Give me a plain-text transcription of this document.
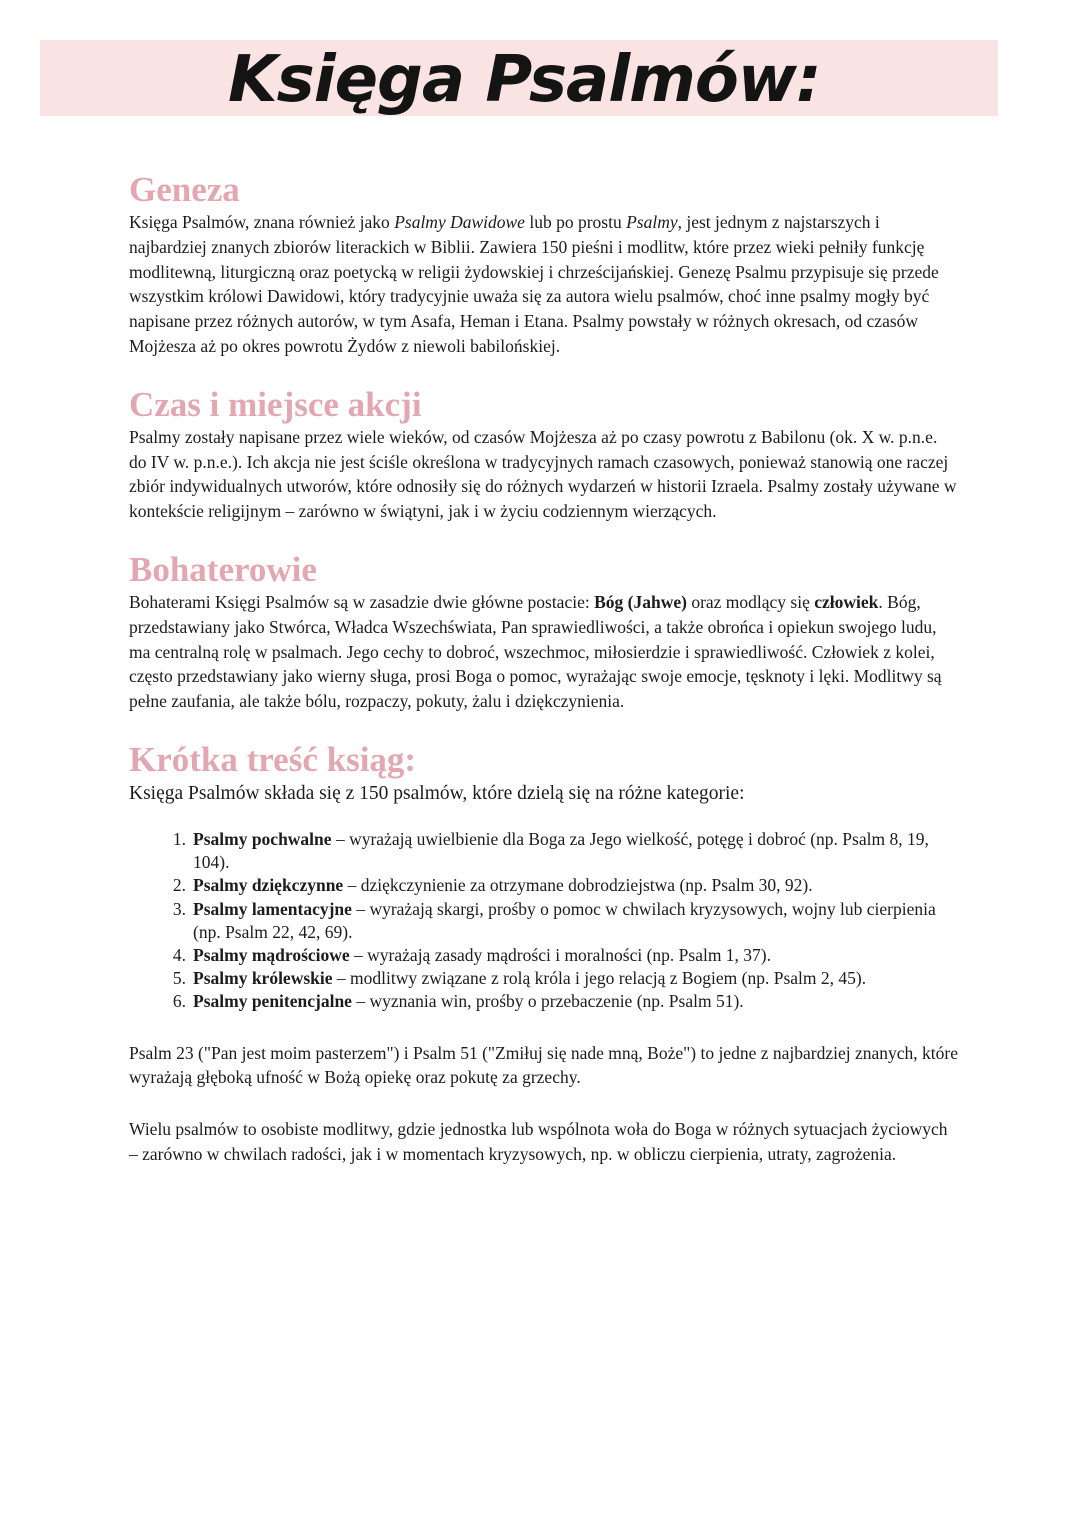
Księga Psalmów:
Geneza

Księga Psalmów, znana również jako Psalmy Dawidowe lub po prostu Psalmy, jest jednym z najstarszych i najbardziej znanych zbiorów literackich w Biblii. Zawiera 150 pieśni i modlitw, które przez wieki pełniły funkcję modlitewną, liturgiczną oraz poetycką w religii żydowskiej i chrześcijańskiej. Genezę Psalmu przypisuje się przede wszystkim królowi Dawidowi, który tradycyjnie uważa się za autora wielu psalmów, choć inne psalmy mogły być napisane przez różnych autorów, w tym Asafa, Heman i Etana. Psalmy powstały w różnych okresach, od czasów Mojżesza aż po okres powrotu Żydów z niewoli babilońskiej.

Czas i miejsce akcji

Psalmy zostały napisane przez wiele wieków, od czasów Mojżesza aż po czasy powrotu z Babilonu (ok. X w. p.n.e. do IV w. p.n.e.). Ich akcja nie jest ściśle określona w tradycyjnych ramach czasowych, ponieważ stanowią one raczej zbiór indywidualnych utworów, które odnosiły się do różnych wydarzeń w historii Izraela. Psalmy zostały używane w kontekście religijnym – zarówno w świątyni, jak i w życiu codziennym wierzących.

Bohaterowie

Bohaterami Księgi Psalmów są w zasadzie dwie główne postacie: Bóg (Jahwe) oraz modlący się człowiek. Bóg, przedstawiany jako Stwórca, Władca Wszechświata, Pan sprawiedliwości, a także obrońca i opiekun swojego ludu, ma centralną rolę w psalmach. Jego cechy to dobroć, wszechmoc, miłosierdzie i sprawiedliwość. Człowiek z kolei, często przedstawiany jako wierny sługa, prosi Boga o pomoc, wyrażając swoje emocje, tęsknoty i lęki. Modlitwy są pełne zaufania, ale także bólu, rozpaczy, pokuty, żalu i dziękczynienia.

Krótka treść ksiąg:

Księga Psalmów składa się z 150 psalmów, które dzielą się na różne kategorie:

1. Psalmy pochwalne – wyrażają uwielbienie dla Boga za Jego wielkość, potęgę i dobroć (np. Psalm 8, 19, 104).
2. Psalmy dziękczynne – dziękczynienie za otrzymane dobrodziejstwa (np. Psalm 30, 92).
3. Psalmy lamentacyjne – wyrażają skargi, prośby o pomoc w chwilach kryzysowych, wojny lub cierpienia (np. Psalm 22, 42, 69).
4. Psalmy mądrościowe – wyrażają zasady mądrości i moralności (np. Psalm 1, 37).
5. Psalmy królewskie – modlitwy związane z rolą króla i jego relacją z Bogiem (np. Psalm 2, 45).
6. Psalmy penitencjalne – wyznania win, prośby o przebaczenie (np. Psalm 51).

Psalm 23 ("Pan jest moim pasterzem") i Psalm 51 ("Zmiłuj się nade mną, Boże") to jedne z najbardziej znanych, które wyrażają głęboką ufność w Bożą opiekę oraz pokutę za grzechy.

Wielu psalmów to osobiste modlitwy, gdzie jednostka lub wspólnota woła do Boga w różnych sytuacjach życiowych – zarówno w chwilach radości, jak i w momentach kryzysowych, np. w obliczu cierpienia, utraty, zagrożenia.
